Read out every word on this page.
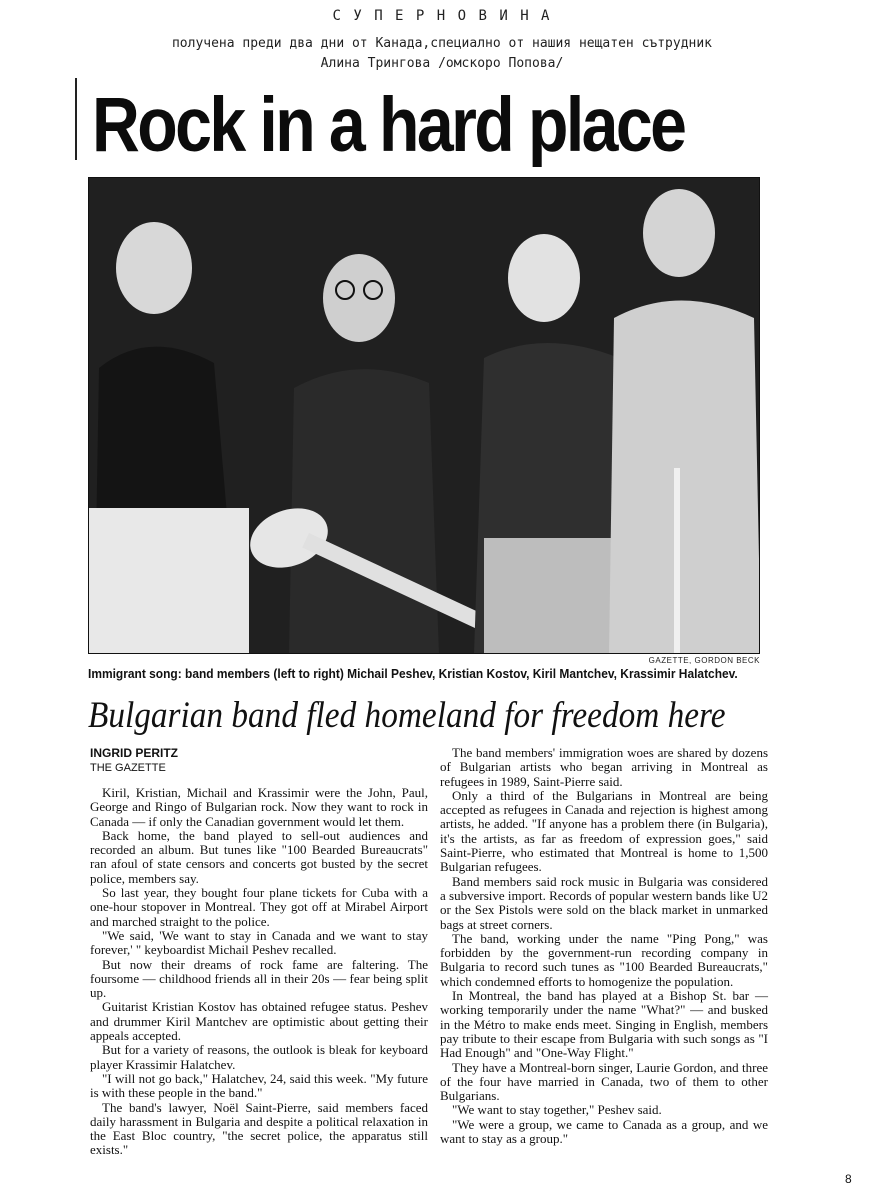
С У П Е Р Н О В И Н А
получена преди два дни от Канада,специално от нашия нещатен сътрудник
Алина Тринговa /омскоро Попова/
Rock in a hard place
GAZETTE, GORDON BECK
Immigrant song: band members (left to right) Michail Peshev, Kristian Kostov, Kiril Mantchev, Krassimir Halatchev.
Bulgarian band fled homeland for freedom here
INGRID PERITZ
THE GAZETTE

Kiril, Kristian, Michail and Krassimir were the John, Paul, George and Ringo of Bulgarian rock. Now they want to rock in Canada — if only the Canadian government would let them.

Back home, the band played to sell-out audiences and recorded an album. But tunes like "100 Bearded Bureaucrats" ran afoul of state censors and concerts got busted by the secret police, members say.

So last year, they bought four plane tickets for Cuba with a one-hour stopover in Montreal. They got off at Mirabel Airport and marched straight to the police.

"We said, 'We want to stay in Canada and we want to stay forever,' " keyboardist Michail Peshev recalled.

But now their dreams of rock fame are faltering. The foursome — childhood friends all in their 20s — fear being split up.

Guitarist Kristian Kostov has obtained refugee status. Peshev and drummer Kiril Mantchev are optimistic about getting their appeals accepted.

But for a variety of reasons, the outlook is bleak for keyboard player Krassimir Halatchev.

"I will not go back," Halatchev, 24, said this week. "My future is with these people in the band."

The band's lawyer, Noël Saint-Pierre, said members faced daily harassment in Bulgaria and despite a political relaxation in the East Bloc country, "the secret police, the apparatus still exists."

The band members' immigration woes are shared by dozens of Bulgarian artists who began arriving in Montreal as refugees in 1989, Saint-Pierre said.

Only a third of the Bulgarians in Montreal are being accepted as refugees in Canada and rejection is highest among artists, he added. "If anyone has a problem there (in Bulgaria), it's the artists, as far as freedom of expression goes," said Saint-Pierre, who estimated that Montreal is home to 1,500 Bulgarian refugees.

Band members said rock music in Bulgaria was considered a subversive import. Records of popular western bands like U2 or the Sex Pistols were sold on the black market in unmarked bags at street corners.

The band, working under the name "Ping Pong," was forbidden by the government-run recording company in Bulgaria to record such tunes as "100 Bearded Bureaucrats," which condemned efforts to homogenize the population.

In Montreal, the band has played at a Bishop St. bar — working temporarily under the name "What?" — and busked in the Métro to make ends meet. Singing in English, members pay tribute to their escape from Bulgaria with such songs as "I Had Enough" and "One-Way Flight."

They have a Montreal-born singer, Laurie Gordon, and three of the four have married in Canada, two of them to other Bulgarians.

"We want to stay together," Peshev said.

"We were a group, we came to Canada as a group, and we want to stay as a group."

8
